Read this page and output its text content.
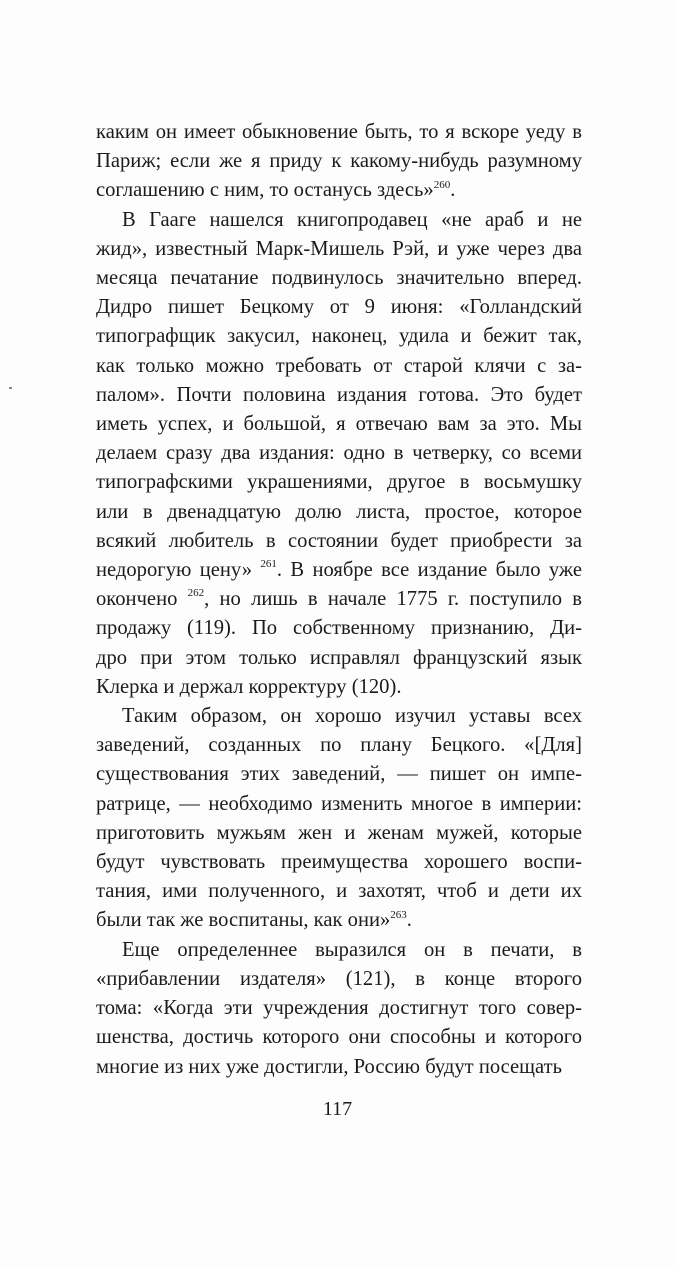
каким он имеет обыкновение быть, то я вскоре уеду в
Париж; если же я приду к какому-нибудь разумному
соглашению с ним, то останусь здесь»$^{260}$.
В Гааге нашелся книгопродавец «не араб и не
жид», известный Марк-Мишель Рэй, и уже через два
месяца печатание подвинулось значительно вперед.
Дидро пишет Бецкому от 9 июня: «Голландский
типографщик закусил, наконец, удила и бежит так,
как только можно требовать от старой клячи с за-
палом». Почти половина издания готова. Это будет
иметь успех, и большой, я отвечаю вам за это. Мы
делаем сразу два издания: одно в четверку, со всеми
типографскими украшениями, другое в восьмушку
или в двенадцатую долю листа, простое, которое
всякий любитель в состоянии будет приобрести за
недорогую цену» $^{261}$. В ноябре все издание было уже
окончено $^{262}$, но лишь в начале 1775 г. поступило в
продажу (119). По собственному признанию, Ди-
дро при этом только исправлял французский язык
Клерка и держал корректуру (120).
Таким образом, он хорошо изучил уставы всех
заведений, созданных по плану Бецкого. «[Для]
существования этих заведений, — пишет он импе-
ратрице, — необходимо изменить многое в империи:
приготовить мужьям жен и женам мужей, которые
будут чувствовать преимущества хорошего воспи-
тания, ими полученного, и захотят, чтоб и дети их
были так же воспитаны, как они»$^{263}$.
Еще определеннее выразился он в печати, в
«прибавлении издателя» (121), в конце второго
тома: «Когда эти учреждения достигнут того совер-
шенства, достичь которого они способны и которого
многие из них уже достигли, Россию будут посещать
117
